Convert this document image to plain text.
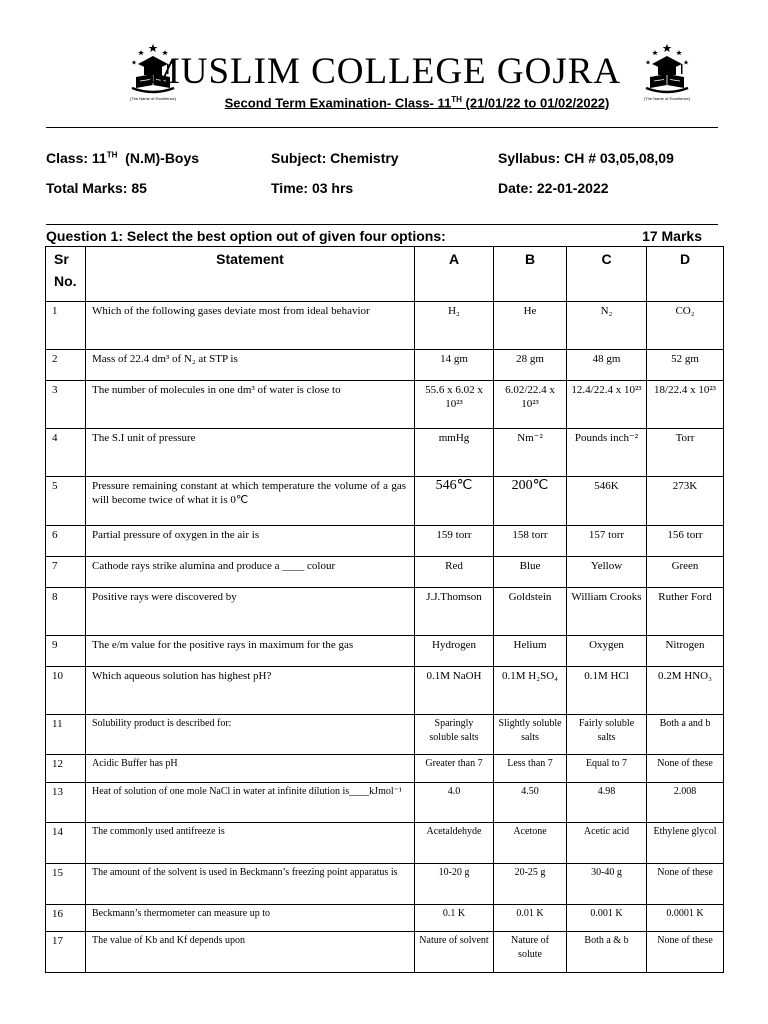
(The Name of Excellence)	(The Name of Excellence)
MUSLIM COLLEGE GOJRA
Second Term Examination- Class- 11TH (21/01/22 to 01/02/2022)
Class: 11TH  (N.M)-Boys	Subject: Chemistry	Syllabus: CH # 03,05,08,09
Total Marks: 85	Time: 03 hrs	Date: 22-01-2022
Question 1: Select the best option out of given four options:	17 Marks
Sr
No.	Statement	A	B	C	D
1	Which of the following gases deviate most from ideal behavior	H₂	He	N₂	CO₂
2	Mass of 22.4 dm³ of N₂ at STP is	14 gm	28 gm	48 gm	52 gm
3	The number of molecules in one dm³ of water is close to	55.6 x 6.02 x 10²³	6.02/22.4 x 10²³	12.4/22.4 x 10²³	18/22.4 x 10²³
4	The S.I unit of pressure	mmHg	Nm⁻²	Pounds inch⁻²	Torr
5	Pressure remaining constant at which temperature the volume of a gas will become twice of what it is 0℃	546℃	200℃	546K	273K
6	Partial pressure of oxygen in the air is	159 torr	158 torr	157 torr	156 torr
7	Cathode rays strike alumina and produce a ____ colour	Red	Blue	Yellow	Green
8	Positive rays were discovered by	J.J.Thomson	Goldstein	William Crooks	Ruther Ford
9	The e/m value for the positive rays in maximum for the gas	Hydrogen	Helium	Oxygen	Nitrogen
10	Which aqueous solution has highest pH?	0.1M NaOH	0.1M H₂SO₄	0.1M HCl	0.2M HNO₃
11	Solubility product is described for:	Sparingly soluble salts	Slightly soluble salts	Fairly soluble salts	Both a and b
12	Acidic Buffer has pH	Greater than 7	Less than 7	Equal to 7	None of these
13	Heat of solution of one mole NaCl in water at infinite dilution is____kJmol⁻¹	4.0	4.50	4.98	2.008
14	The commonly used antifreeze is	Acetaldehyde	Acetone	Acetic acid	Ethylene glycol
15	The amount of the solvent is used in Beckmann’s freezing point apparatus is	10-20 g	20-25 g	30-40 g	None of these
16	Beckmann’s thermometer can measure up to	0.1 K	0.01 K	0.001 K	0.0001 K
17	The value of Kb and Kf depends upon	Nature of solvent	Nature of solute	Both a & b	None of these
